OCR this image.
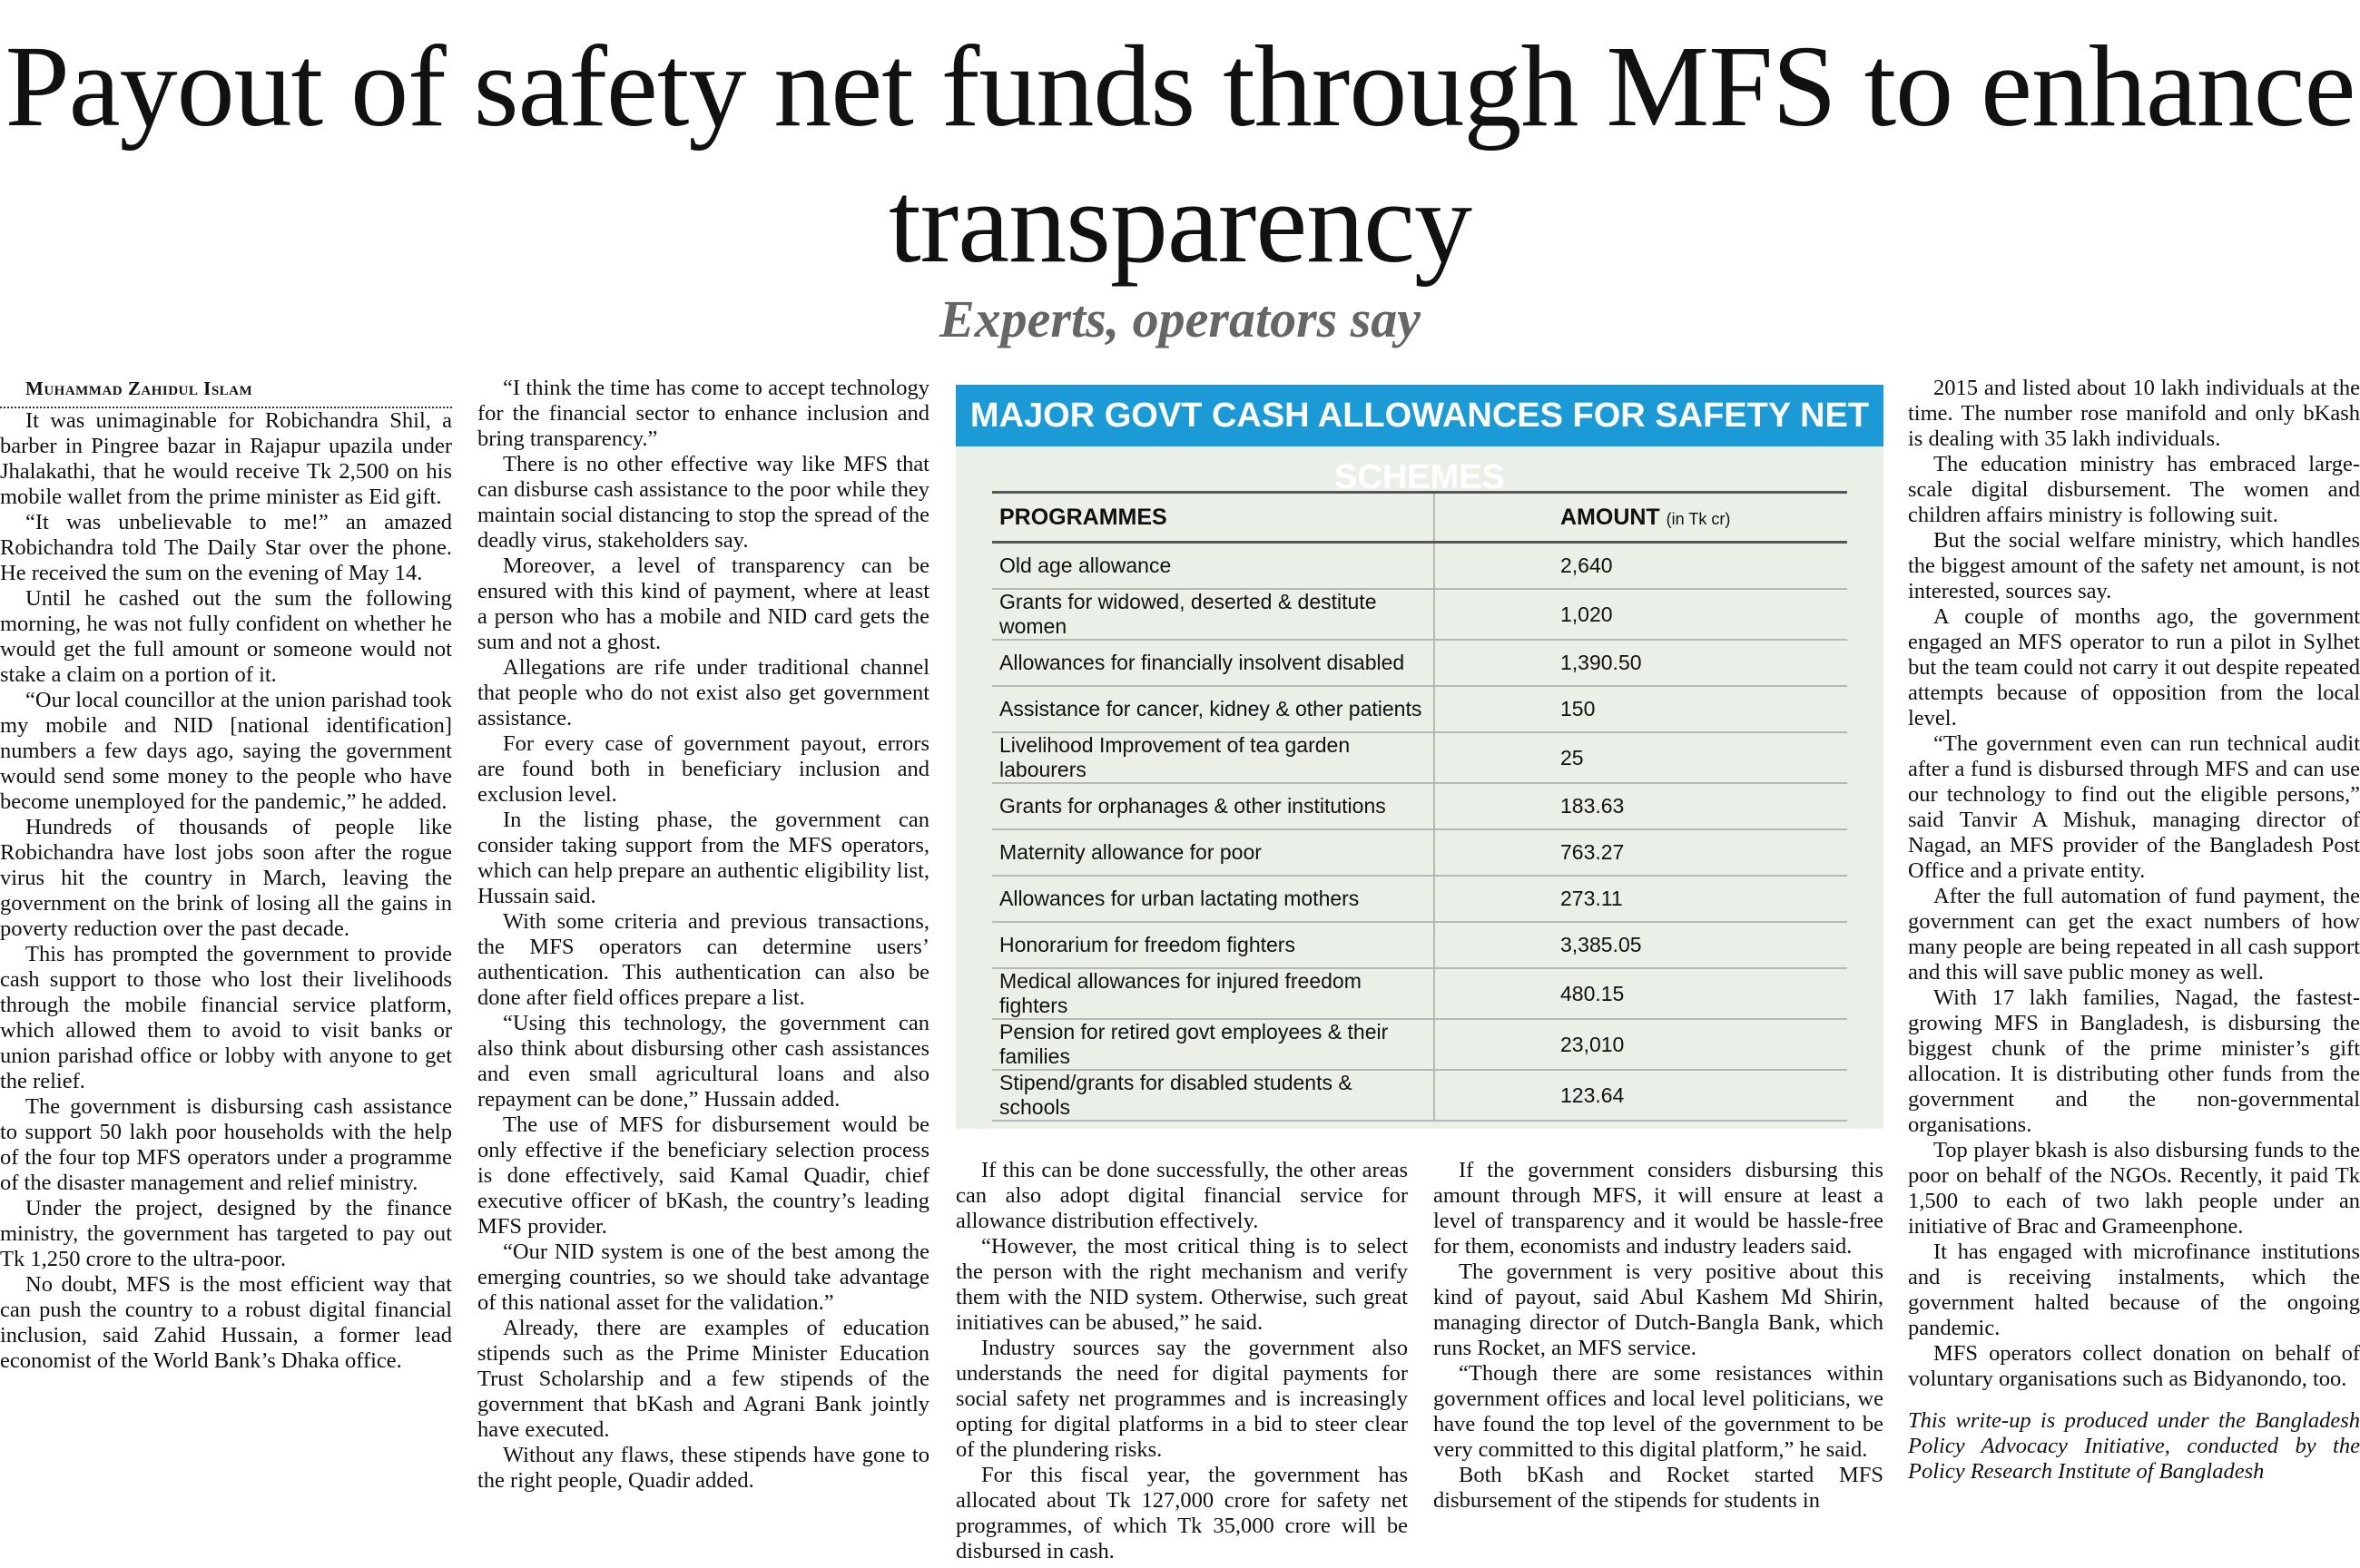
Payout of safety net funds through MFS to enhance transparency
Experts, operators say

Muhammad Zahidul Islam

It was unimaginable for Robichandra Shil, a barber in Pingree bazar in Rajapur upazila under Jhalakathi, that he would receive Tk 2,500 on his mobile wallet from the prime minister as Eid gift.

“It was unbelievable to me!” an amazed Robichandra told The Daily Star over the phone. He received the sum on the evening of May 14.

Until he cashed out the sum the following morning, he was not fully confident on whether he would get the full amount or someone would not stake a claim on a portion of it.

“Our local councillor at the union parishad took my mobile and NID [national identification] numbers a few days ago, saying the government would send some money to the people who have become unemployed for the pandemic,” he added.

Hundreds of thousands of people like Robichandra have lost jobs soon after the rogue virus hit the country in March, leaving the government on the brink of losing all the gains in poverty reduction over the past decade.

This has prompted the government to provide cash support to those who lost their livelihoods through the mobile financial service platform, which allowed them to avoid to visit banks or union parishad office or lobby with anyone to get the relief.

The government is disbursing cash assistance to support 50 lakh poor households with the help of the four top MFS operators under a programme of the disaster management and relief ministry.

Under the project, designed by the finance ministry, the government has targeted to pay out Tk 1,250 crore to the ultra-poor.

No doubt, MFS is the most efficient way that can push the country to a robust digital financial inclusion, said Zahid Hussain, a former lead economist of the World Bank’s Dhaka office.

“I think the time has come to accept technology for the financial sector to enhance inclusion and bring transparency.”

There is no other effective way like MFS that can disburse cash assistance to the poor while they maintain social distancing to stop the spread of the deadly virus, stakeholders say.

Moreover, a level of transparency can be ensured with this kind of payment, where at least a person who has a mobile and NID card gets the sum and not a ghost.

Allegations are rife under traditional channel that people who do not exist also get government assistance.

For every case of government payout, errors are found both in beneficiary inclusion and exclusion level.

In the listing phase, the government can consider taking support from the MFS operators, which can help prepare an authentic eligibility list, Hussain said.

With some criteria and previous transactions, the MFS operators can determine users’ authentication. This authentication can also be done after field offices prepare a list.

“Using this technology, the government can also think about disbursing other cash assistances and even small agricultural loans and also repayment can be done,” Hussain added.

The use of MFS for disbursement would be only effective if the beneficiary selection process is done effectively, said Kamal Quadir, chief executive officer of bKash, the country’s leading MFS provider.

“Our NID system is one of the best among the emerging countries, so we should take advantage of this national asset for the validation.”

Already, there are examples of education stipends such as the Prime Minister Education Trust Scholarship and a few stipends of the government that bKash and Agrani Bank jointly have executed.

Without any flaws, these stipends have gone to the right people, Quadir added.

MAJOR GOVT CASH ALLOWANCES FOR SAFETY NET SCHEMES
PROGRAMMES	AMOUNT (in Tk cr)
Old age allowance	2,640
Grants for widowed, deserted & destitute women	1,020
Allowances for financially insolvent disabled	1,390.50
Assistance for cancer, kidney & other patients	150
Livelihood Improvement of tea garden labourers	25
Grants for orphanages & other institutions	183.63
Maternity allowance for poor	763.27
Allowances for urban lactating mothers	273.11
Honorarium for freedom fighters	3,385.05
Medical allowances for injured freedom fighters	480.15
Pension for retired govt employees & their families	23,010
Stipend/grants for disabled students & schools	123.64

If this can be done successfully, the other areas can also adopt digital financial service for allowance distribution effectively.

“However, the most critical thing is to select the person with the right mechanism and verify them with the NID system. Otherwise, such great initiatives can be abused,” he said.

Industry sources say the government also understands the need for digital payments for social safety net programmes and is increasingly opting for digital platforms in a bid to steer clear of the plundering risks.

For this fiscal year, the government has allocated about Tk 127,000 crore for safety net programmes, of which Tk 35,000 crore will be disbursed in cash.

If the government considers disbursing this amount through MFS, it will ensure at least a level of transparency and it would be hassle-free for them, economists and industry leaders said.

The government is very positive about this kind of payout, said Abul Kashem Md Shirin, managing director of Dutch-Bangla Bank, which runs Rocket, an MFS service.

“Though there are some resistances within government offices and local level politicians, we have found the top level of the government to be very committed to this digital platform,” he said.

Both bKash and Rocket started MFS disbursement of the stipends for students in

2015 and listed about 10 lakh individuals at the time. The number rose manifold and only bKash is dealing with 35 lakh individuals.

The education ministry has embraced large-scale digital disbursement. The women and children affairs ministry is following suit.

But the social welfare ministry, which handles the biggest amount of the safety net amount, is not interested, sources say.

A couple of months ago, the government engaged an MFS operator to run a pilot in Sylhet but the team could not carry it out despite repeated attempts because of opposition from the local level.

“The government even can run technical audit after a fund is disbursed through MFS and can use our technology to find out the eligible persons,” said Tanvir A Mishuk, managing director of Nagad, an MFS provider of the Bangladesh Post Office and a private entity.

After the full automation of fund payment, the government can get the exact numbers of how many people are being repeated in all cash support and this will save public money as well.

With 17 lakh families, Nagad, the fastest-growing MFS in Bangladesh, is disbursing the biggest chunk of the prime minister’s gift allocation. It is distributing other funds from the government and the non-governmental organisations.

Top player bkash is also disbursing funds to the poor on behalf of the NGOs. Recently, it paid Tk 1,500 to each of two lakh people under an initiative of Brac and Grameenphone.

It has engaged with microfinance institutions and is receiving instalments, which the government halted because of the ongoing pandemic.

MFS operators collect donation on behalf of voluntary organisations such as Bidyanondo, too.

This write-up is produced under the Bangladesh Policy Advocacy Initiative, conducted by the Policy Research Institute of Bangladesh
